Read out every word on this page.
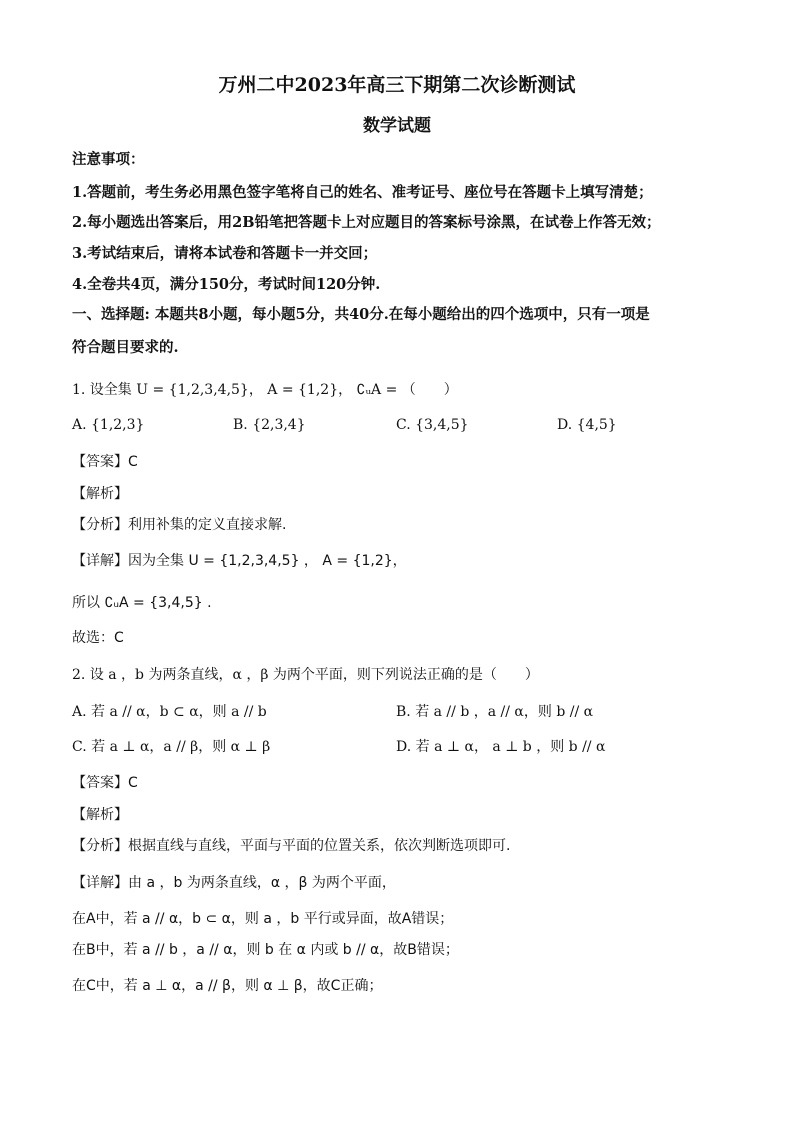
万州二中2023年高三下期第二次诊断测试
数学试题
注意事项：
1.答题前，考生务必用黑色签字笔将自己的姓名、准考证号、座位号在答题卡上填写清楚；
2.每小题选出答案后，用2B铅笔把答题卡上对应题目的答案标号涂黑，在试卷上作答无效；
3.考试结束后，请将本试卷和答题卡一并交回；
4.全卷共4页，满分150分，考试时间120分钟.
一、选择题: 本题共8小题，每小题5分，共40分.在每小题给出的四个选项中，只有一项是
符合题目要求的.
1. 设全集 U = {1,2,3,4,5}， A = {1,2}， ∁ᵤA = （　　）
A. {1,2,3}	B. {2,3,4}	C. {3,4,5}	D. {4,5}
【答案】C
【解析】
【分析】利用补集的定义直接求解.
【详解】因为全集 U = {1,2,3,4,5} ， A = {1,2}，
所以 ∁ᵤA = {3,4,5} .
故选：C
2. 设 a ，b 为两条直线，α ，β 为两个平面，则下列说法正确的是（　　）
A. 若 a // α，b ⊂ α，则 a // b	B. 若 a // b ，a // α，则 b // α
C. 若 a ⊥ α，a // β，则 α ⊥ β	D. 若 a ⊥ α， a ⊥ b ，则 b // α
【答案】C
【解析】
【分析】根据直线与直线，平面与平面的位置关系，依次判断选项即可.
【详解】由 a ，b 为两条直线，α ，β 为两个平面，
在A中，若 a // α，b ⊂ α，则 a ，b 平行或异面，故A错误；
在B中，若 a // b ，a // α，则 b 在 α 内或 b // α，故B错误；
在C中，若 a ⊥ α，a // β，则 α ⊥ β，故C正确；
